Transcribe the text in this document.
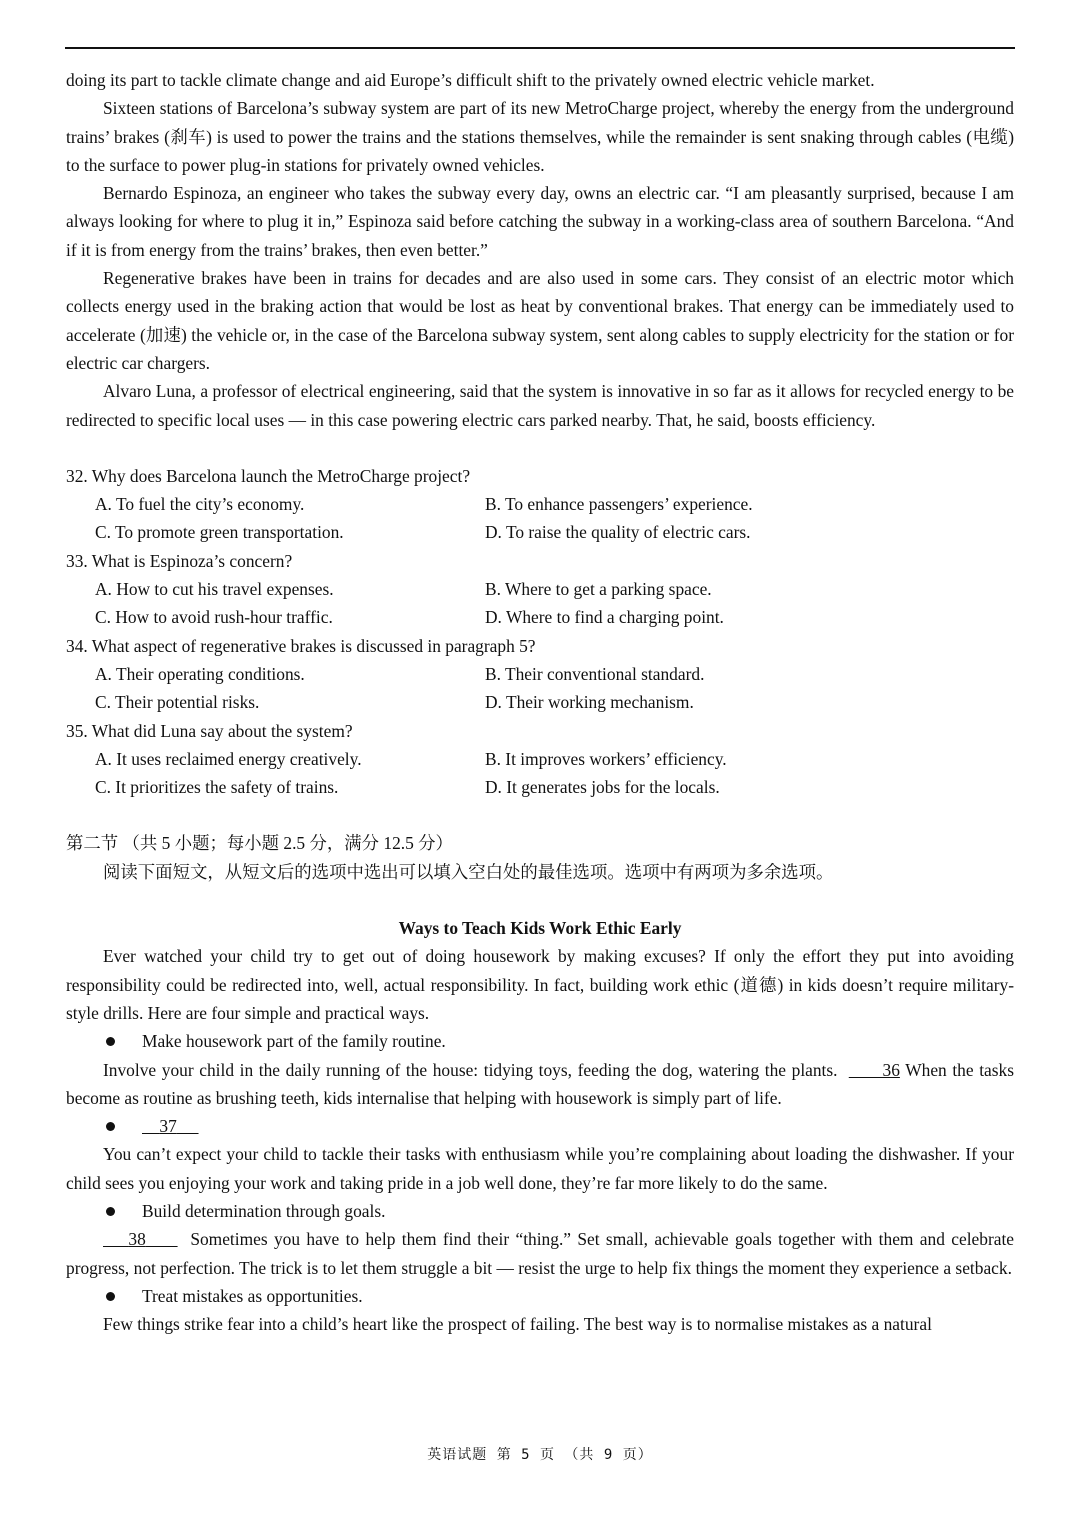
doing its part to tackle climate change and aid Europe’s difficult shift to the privately owned electric vehicle market.

Sixteen stations of Barcelona’s subway system are part of its new MetroCharge project, whereby the energy from the underground trains’ brakes (刹车) is used to power the trains and the stations themselves, while the remainder is sent snaking through cables (电缆) to the surface to power plug-in stations for privately owned vehicles.

Bernardo Espinoza, an engineer who takes the subway every day, owns an electric car. “I am pleasantly surprised, because I am always looking for where to plug it in,” Espinoza said before catching the subway in a working-class area of southern Barcelona. “And if it is from energy from the trains’ brakes, then even better.”

Regenerative brakes have been in trains for decades and are also used in some cars. They consist of an electric motor which collects energy used in the braking action that would be lost as heat by conventional brakes. That energy can be immediately used to accelerate (加速) the vehicle or, in the case of the Barcelona subway system, sent along cables to supply electricity for the station or for electric car chargers.

Alvaro Luna, a professor of electrical engineering, said that the system is innovative in so far as it allows for recycled energy to be redirected to specific local uses — in this case powering electric cars parked nearby. That, he said, boosts efficiency.

32. Why does Barcelona launch the MetroCharge project?

A. To fuel the city’s economy.	B. To enhance passengers’ experience.
C. To promote green transportation.	D. To raise the quality of electric cars.

33. What is Espinoza’s concern?

A. How to cut his travel expenses.	B. Where to get a parking space.
C. How to avoid rush-hour traffic.	D. Where to find a charging point.

34. What aspect of regenerative brakes is discussed in paragraph 5?

A. Their operating conditions.	B. Their conventional standard.
C. Their potential risks.	D. Their working mechanism.

35. What did Luna say about the system?

A. It uses reclaimed energy creatively.	B. It improves workers’ efficiency.
C. It prioritizes the safety of trains.	D. It generates jobs for the locals.

第二节 （共 5 小题；每小题 2.5 分，满分 12.5 分）

阅读下面短文，从短文后的选项中选出可以填入空白处的最佳选项。选项中有两项为多余选项。

Ways to Teach Kids Work Ethic Early

Ever watched your child try to get out of doing housework by making excuses? If only the effort they put into avoiding responsibility could be redirected into, well, actual responsibility. In fact, building work ethic (道德) in kids doesn’t require military-style drills. Here are four simple and practical ways.

Make housework part of the family routine.

Involve your child in the daily running of the house: tidying toys, feeding the dog, watering the plants.	36 When the tasks become as routine as brushing teeth, kids internalise that helping with housework is simply part of life.

37

You can’t expect your child to tackle their tasks with enthusiasm while you’re complaining about loading the dishwasher. If your child sees you enjoying your work and taking pride in a job well done, they’re far more likely to do the same.

Build determination through goals.

38	Sometimes you have to help them find their “thing.” Set small, achievable goals together with them and celebrate progress, not perfection. The trick is to let them struggle a bit — resist the urge to help fix things the moment they experience a setback.

Treat mistakes as opportunities.

Few things strike fear into a child’s heart like the prospect of failing. The best way is to normalise mistakes as a natural

英语试题 第 5 页 （共 9 页）
